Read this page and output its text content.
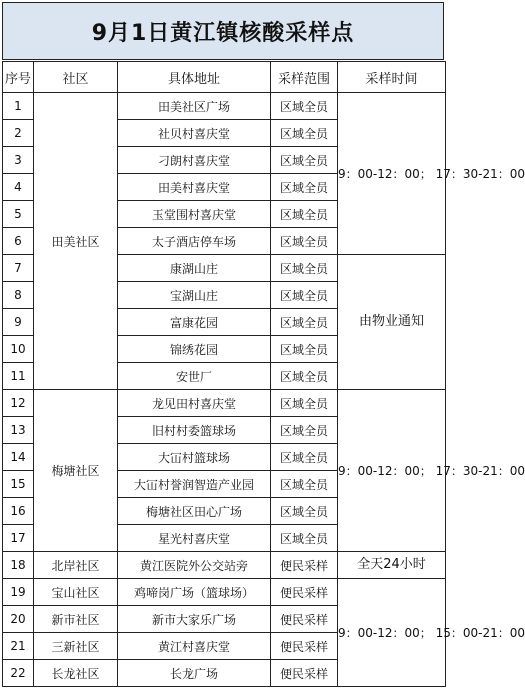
9月1日黄江镇核酸采样点
序号	社区	具体地址	采样范围	采样时间
1	田美社区	田美社区广场	区域全员	9：00-12：00； 17：30-21：00
2		社贝村喜庆堂	区域全员	
3		刁朗村喜庆堂	区域全员	
4		田美村喜庆堂	区域全员	
5		玉堂围村喜庆堂	区域全员	
6		太子酒店停车场	区域全员	
7		康湖山庄	区域全员	由物业通知
8		宝湖山庄	区域全员	
9		富康花园	区域全员	
10		锦绣花园	区域全员	
11		安世厂	区域全员	
12	梅塘社区	龙见田村喜庆堂	区域全员	9：00-12：00； 17：30-21：00
13		旧村村委篮球场	区域全员	
14		大冚村篮球场	区域全员	
15		大冚村誉润智造产业园	区域全员	
16		梅塘社区田心广场	区域全员	
17		星光村喜庆堂	区域全员	
18	北岸社区	黄江医院外公交站旁	便民采样	全天24小时
19	宝山社区	鸡啼岗广场（篮球场）	便民采样	9：00-12：00； 15：00-21：00
20	新市社区	新市大家乐广场	便民采样	
21	三新社区	黄江村喜庆堂	便民采样	
22	长龙社区	长龙广场	便民采样	
